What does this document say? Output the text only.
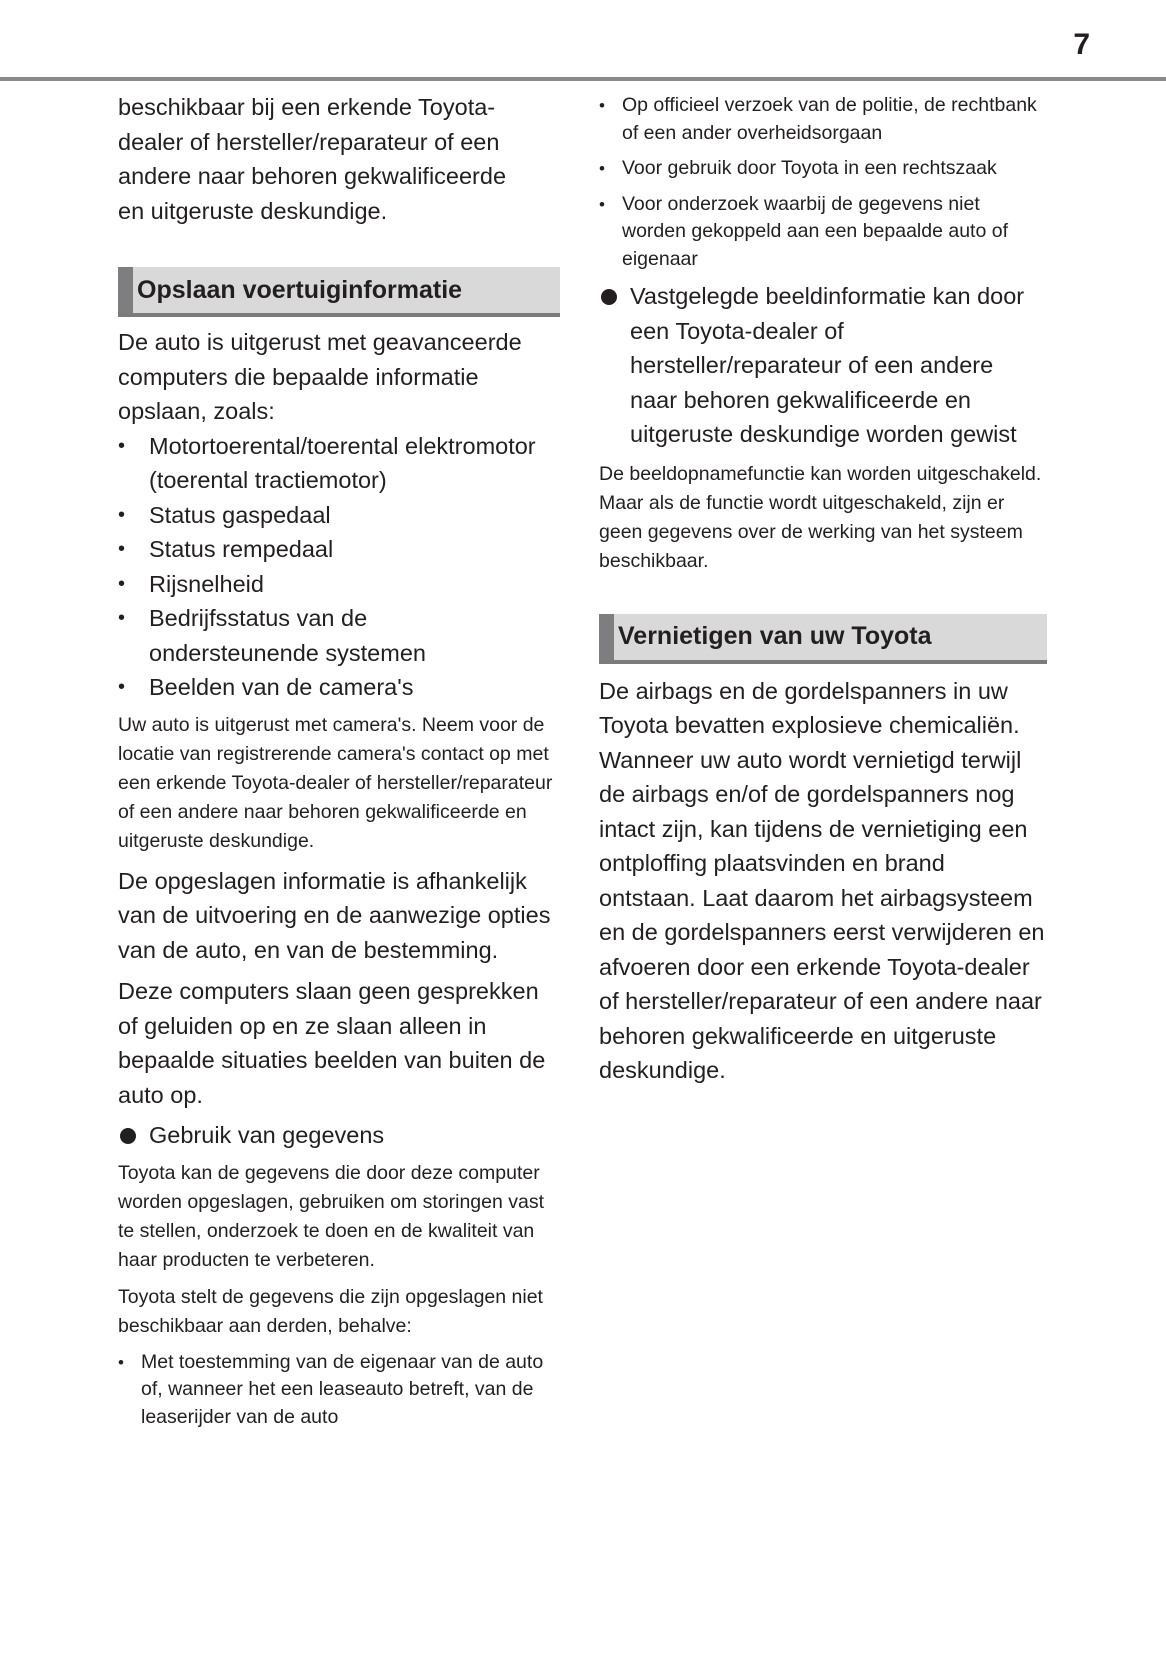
7

beschikbaar bij een erkende Toyota-dealer of hersteller/reparateur of een andere naar behoren gekwalificeerde en uitgeruste deskundige.

Opslaan voertuiginformatie

De auto is uitgerust met geavanceerde computers die bepaalde informatie opslaan, zoals:

• Motortoerental/toerental elektromotor (toerental tractiemotor)
• Status gaspedaal
• Status rempedaal
• Rijsnelheid
• Bedrijfsstatus van de ondersteunende systemen
• Beelden van de camera's

Uw auto is uitgerust met camera's. Neem voor de locatie van registrerende camera's contact op met een erkende Toyota-dealer of hersteller/reparateur of een andere naar behoren gekwalificeerde en uitgeruste deskundige.

De opgeslagen informatie is afhankelijk van de uitvoering en de aanwezige opties van de auto, en van de bestemming.

Deze computers slaan geen gesprekken of geluiden op en ze slaan alleen in bepaalde situaties beelden van buiten de auto op.

Gebruik van gegevens

Toyota kan de gegevens die door deze computer worden opgeslagen, gebruiken om storingen vast te stellen, onderzoek te doen en de kwaliteit van haar producten te verbeteren.

Toyota stelt de gegevens die zijn opgeslagen niet beschikbaar aan derden, behalve:

• Met toestemming van de eigenaar van de auto of, wanneer het een leaseauto betreft, van de leaserijder van de auto
• Op officieel verzoek van de politie, de rechtbank of een ander overheidsorgaan
• Voor gebruik door Toyota in een rechtszaak
• Voor onderzoek waarbij de gegevens niet worden gekoppeld aan een bepaalde auto of eigenaar
Vastgelegde beeldinformatie kan door een Toyota-dealer of hersteller/reparateur of een andere naar behoren gekwalificeerde en uitgeruste deskundige worden gewist

De beeldopnamefunctie kan worden uitgeschakeld. Maar als de functie wordt uitgeschakeld, zijn er geen gegevens over de werking van het systeem beschikbaar.

Vernietigen van uw Toyota

De airbags en de gordelspanners in uw Toyota bevatten explosieve chemicaliën. Wanneer uw auto wordt vernietigd terwijl de airbags en/of de gordelspanners nog intact zijn, kan tijdens de vernietiging een ontploffing plaatsvinden en brand ontstaan. Laat daarom het airbagsysteem en de gordelspanners eerst verwijderen en afvoeren door een erkende Toyota-dealer of hersteller/reparateur of een andere naar behoren gekwalificeerde en uitgeruste deskundige.
